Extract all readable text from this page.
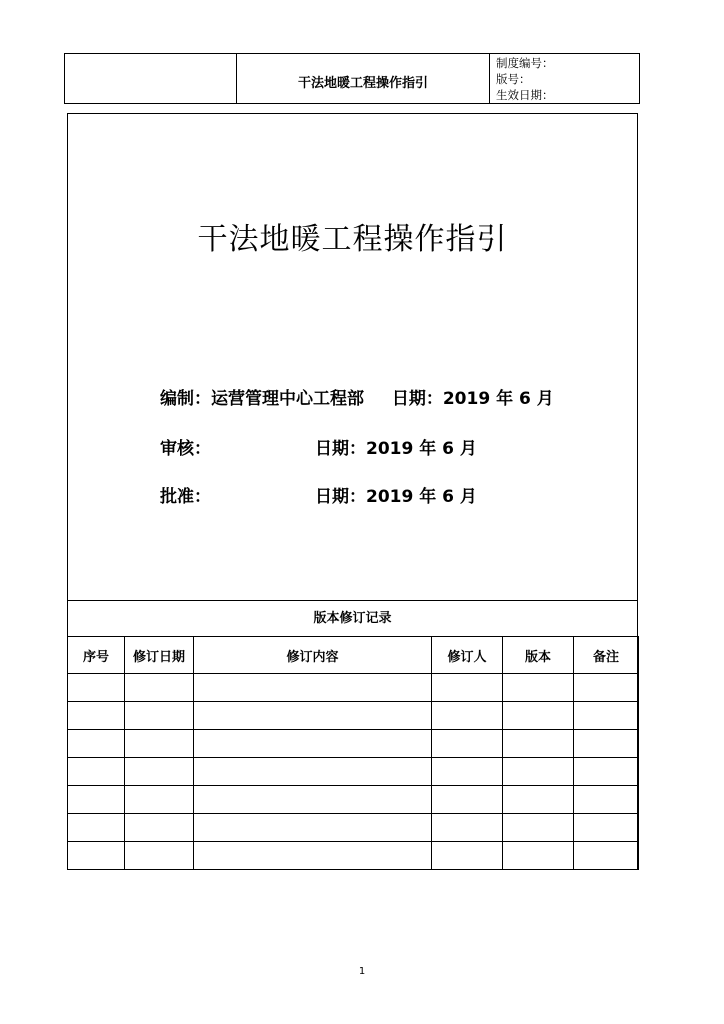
干法地暖工程操作指引
制度编号：
版号：
生效日期：
干法地暖工程操作指引
编制：运营管理中心工程部 日期：2019 年 6 月
审核：	日期：2019 年 6 月
批准：	日期：2019 年 6 月
版本修订记录
序号	修订日期	修订内容	修订人	版本	备注

1
